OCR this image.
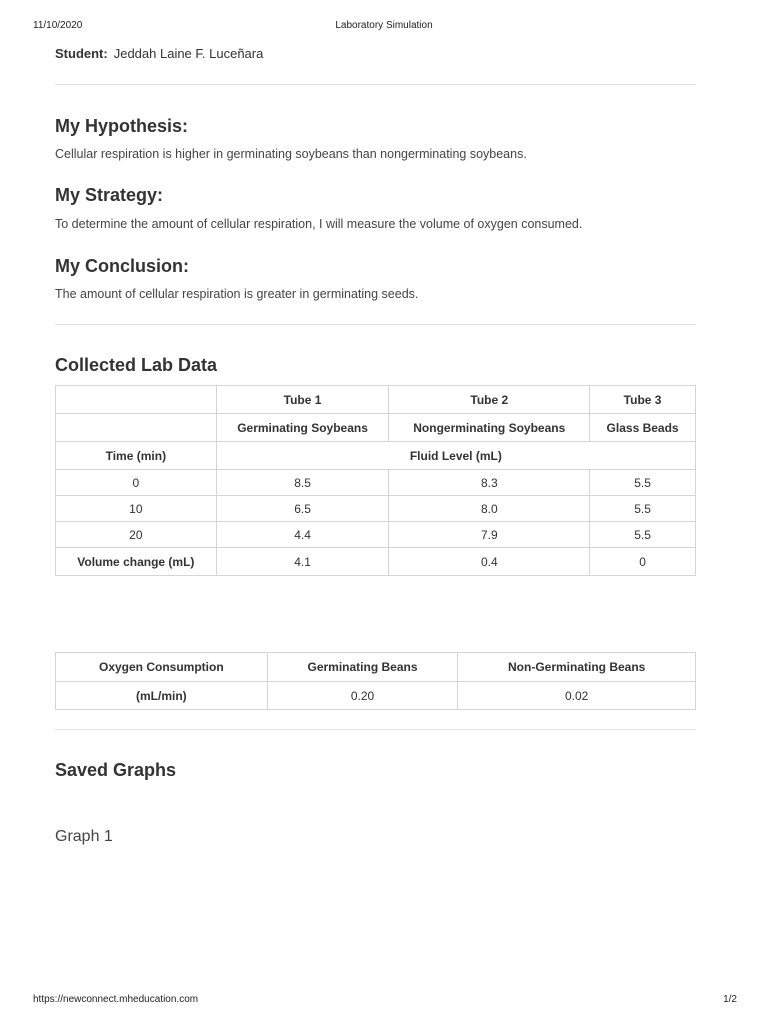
11/10/2020	Laboratory Simulation
Student: Jeddah Laine F. Luceñara
My Hypothesis:

Cellular respiration is higher in germinating soybeans than nongerminating soybeans.

My Strategy:

To determine the amount of cellular respiration, I will measure the volume of oxygen consumed.

My Conclusion:

The amount of cellular respiration is greater in germinating seeds.

Collected Lab Data
	Tube 1	Tube 2	Tube 3
	Germinating Soybeans	Nongerminating Soybeans	Glass Beads
Time (min)	Fluid Level (mL)		
0	8.5	8.3	5.5
10	6.5	8.0	5.5
20	4.4	7.9	5.5
Volume change (mL)	4.1	0.4	0
Oxygen Consumption	Germinating Beans	Non-Germinating Beans
(mL/min)	0.20	0.02
Saved Graphs
Graph 1
https://newconnect.mheducation.com	1/2
